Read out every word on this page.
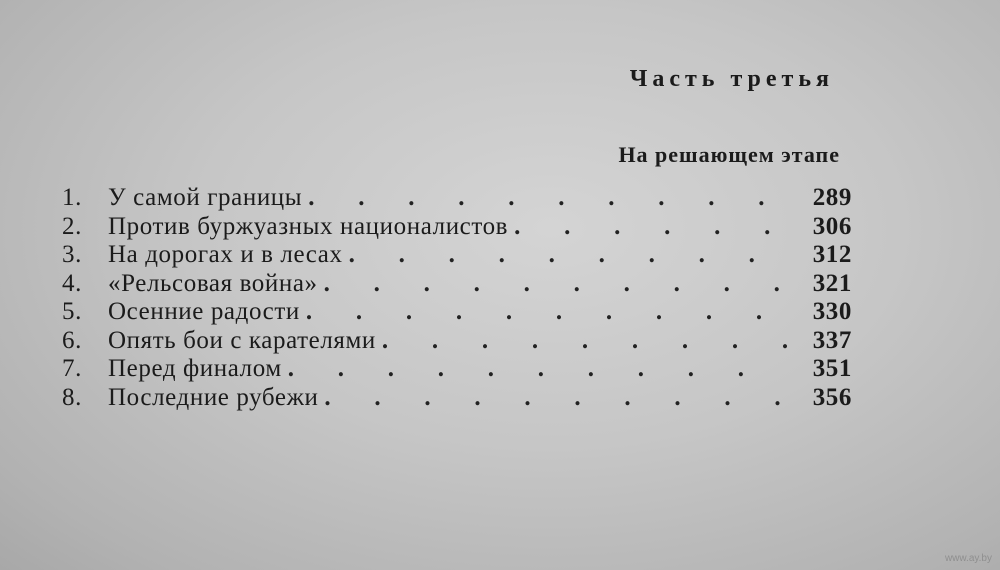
Часть третья
На решающем этапе
1.	У самой границы .	289
2.	Против буржуазных националистов .	306
3.	На дорогах и в лесах .	312
4.	«Рельсовая война» .	321
5.	Осенние радости .	330
6.	Опять бои с карателями .	337
7.	Перед финалом .	351
8.	Последние рубежи .	356
www.ay.by
